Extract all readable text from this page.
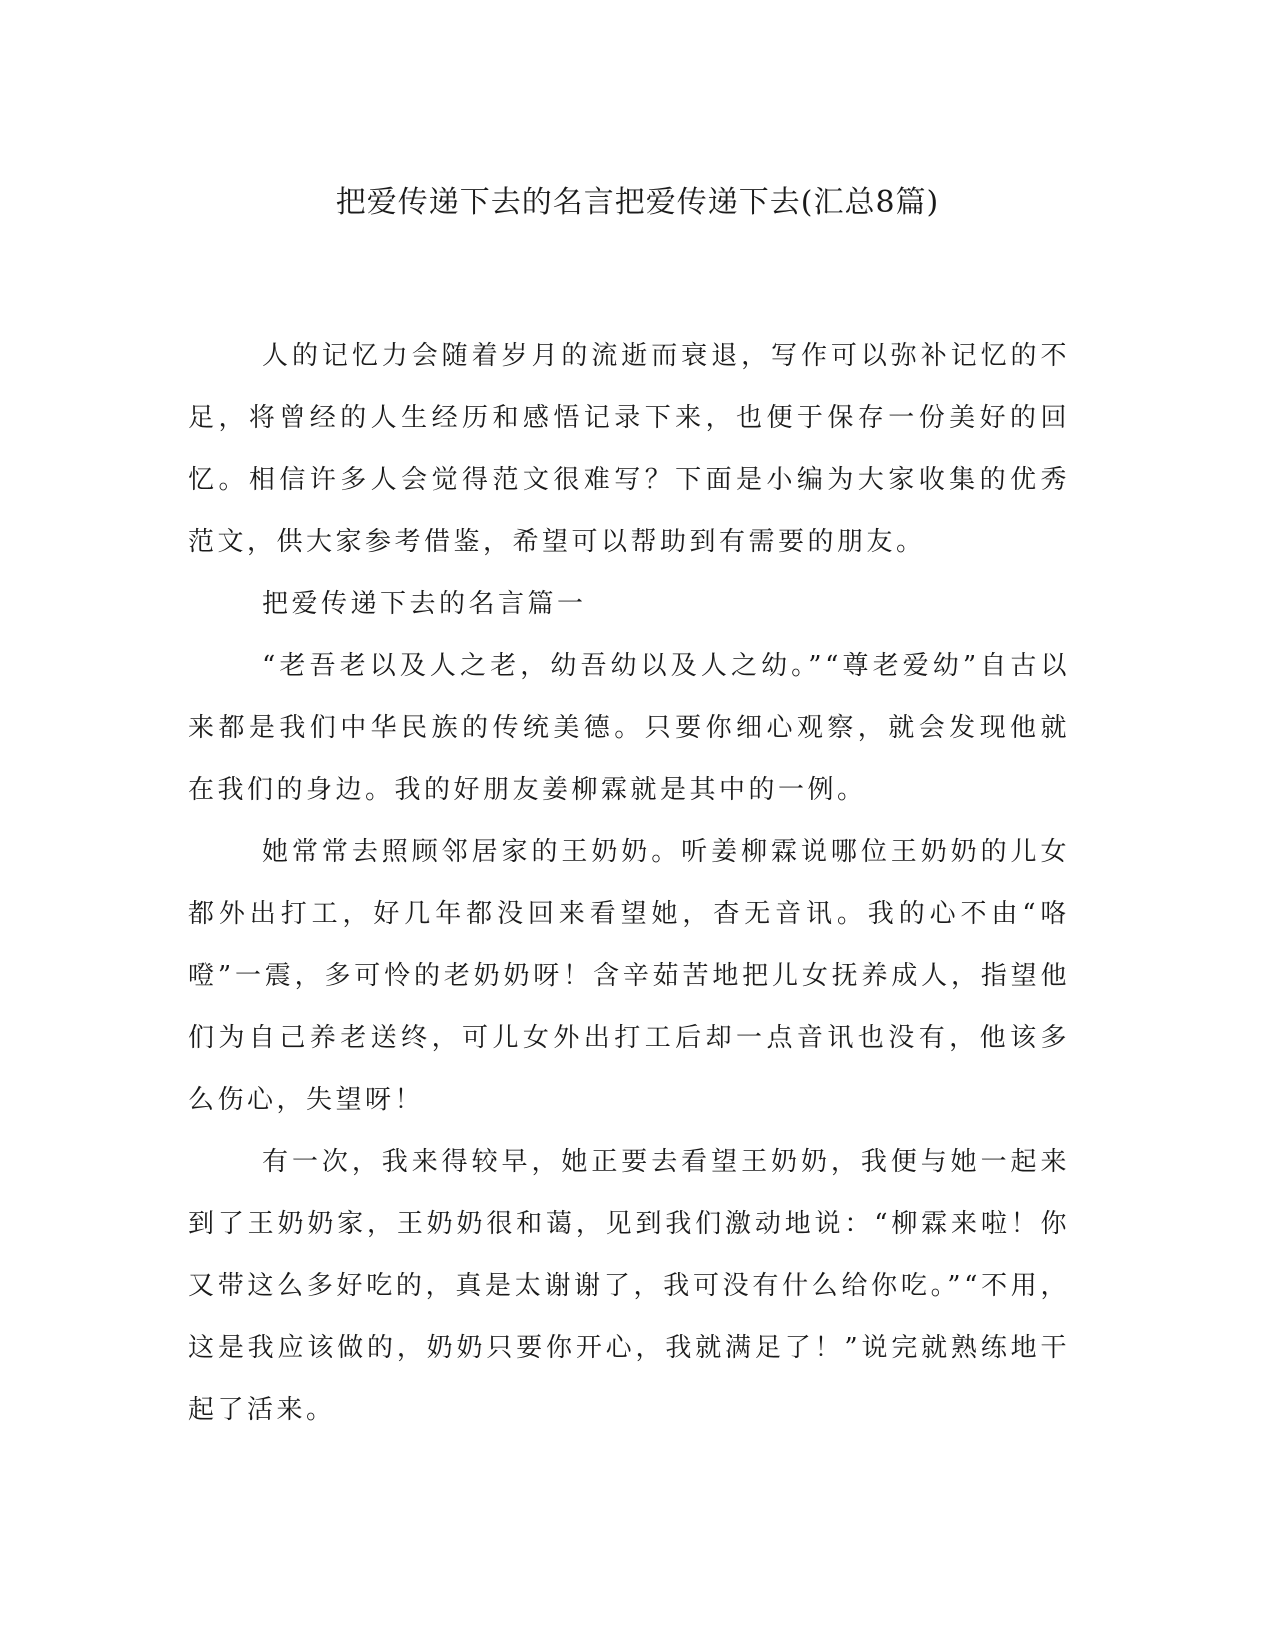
把爱传递下去的名言把爱传递下去(汇总8篇)

人的记忆力会随着岁月的流逝而衰退，写作可以弥补记忆的不足，将曾经的人生经历和感悟记录下来，也便于保存一份美好的回忆。相信许多人会觉得范文很难写？下面是小编为大家收集的优秀范文，供大家参考借鉴，希望可以帮助到有需要的朋友。

把爱传递下去的名言篇一

“老吾老以及人之老，幼吾幼以及人之幼。”“尊老爱幼”自古以来都是我们中华民族的传统美德。只要你细心观察，就会发现他就在我们的身边。我的好朋友姜柳霖就是其中的一例。

她常常去照顾邻居家的王奶奶。听姜柳霖说哪位王奶奶的儿女都外出打工，好几年都没回来看望她，杳无音讯。我的心不由“咯噔”一震，多可怜的老奶奶呀！含辛茹苦地把儿女抚养成人，指望他们为自己养老送终，可儿女外出打工后却一点音讯也没有，他该多么伤心，失望呀！

有一次，我来得较早，她正要去看望王奶奶，我便与她一起来到了王奶奶家，王奶奶很和蔼，见到我们激动地说：“柳霖来啦！你又带这么多好吃的，真是太谢谢了，我可没有什么给你吃。”“不用，这是我应该做的，奶奶只要你开心，我就满足了！”说完就熟练地干起了活来。
